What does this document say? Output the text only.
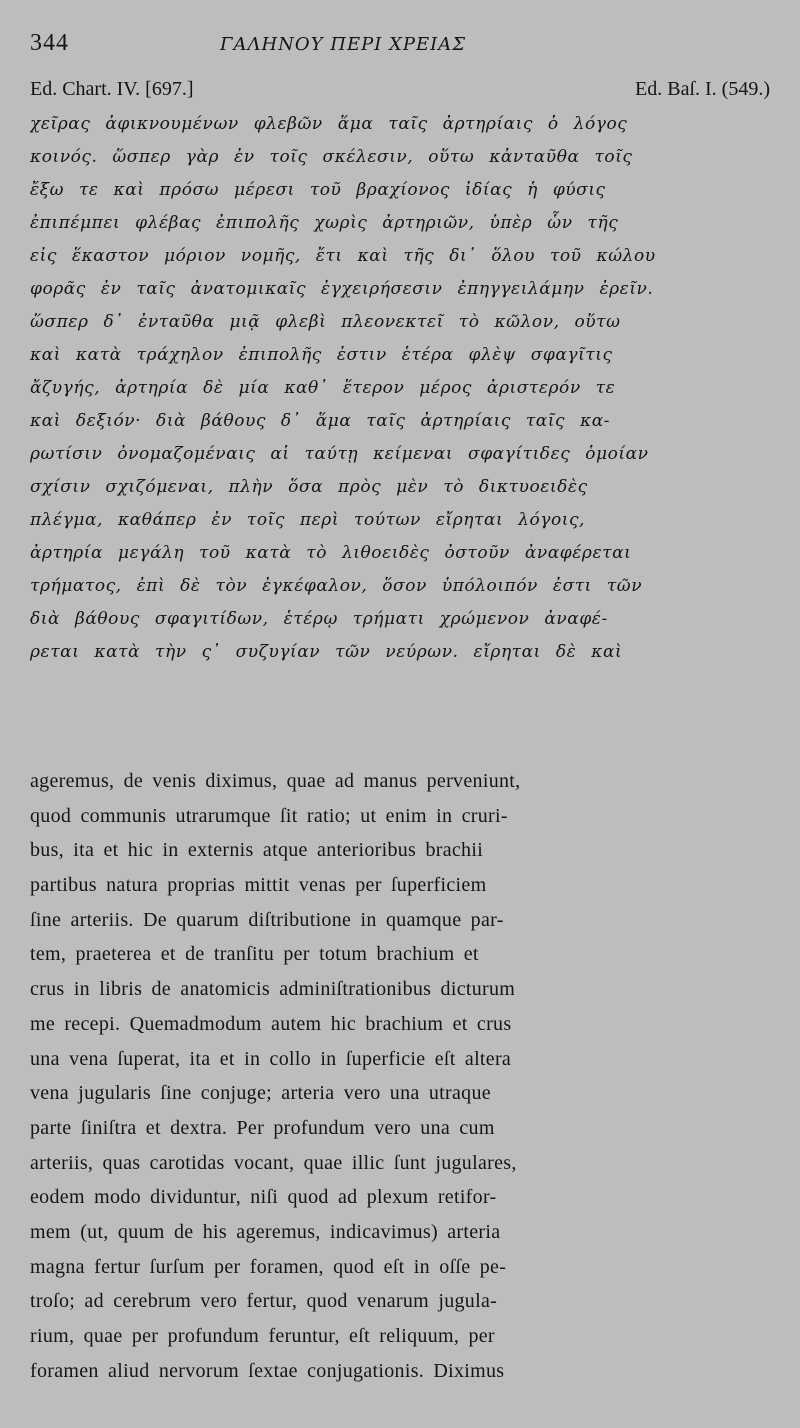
344	ΓΑΛΗΝΟΥ ΠΕΡΙ ΧΡΕΙΑΣ
Ed. Chart. IV. [697.]	Ed. Baſ. I. (549.)
χεῖρας ἀφικνουμένων φλεβῶν ἅμα ταῖς ἀρτηρίαις ὁ λόγος
κοινός. ὥσπερ γὰρ ἐν τοῖς σκέλεσιν, οὕτω κἀνταῦθα τοῖς
ἔξω τε καὶ πρόσω μέρεσι τοῦ βραχίονος ἰδίας ἡ φύσις
ἐπιπέμπει φλέβας ἐπιπολῆς χωρὶς ἀρτηριῶν, ὑπὲρ ὧν τῆς
εἰς ἕκαστον μόριον νομῆς, ἔτι καὶ τῆς δι᾽ ὅλου τοῦ κώλου
φορᾶς ἐν ταῖς ἀνατομικαῖς ἐγχειρήσεσιν ἐπηγγειλάμην ἐρεῖν.
ὥσπερ δ᾽ ἐνταῦθα μιᾷ φλεβὶ πλεονεκτεῖ τὸ κῶλον, οὕτω
καὶ κατὰ τράχηλον ἐπιπολῆς ἐστιν ἑτέρα φλὲψ σφαγῖτις
ἄζυγής, ἀρτηρία δὲ μία καθ᾽ ἕτερον μέρος ἀριστερόν τε
καὶ δεξιόν· διὰ βάθους δ᾽ ἅμα ταῖς ἀρτηρίαις ταῖς κα-
ρωτίσιν ὀνομαζομέναις αἱ ταύτῃ κείμεναι σφαγίτιδες ὁμοίαν
σχίσιν σχιζόμεναι, πλὴν ὅσα πρὸς μὲν τὸ δικτυοειδὲς
πλέγμα, καθάπερ ἐν τοῖς περὶ τούτων εἴρηται λόγοις,
ἀρτηρία μεγάλη τοῦ κατὰ τὸ λιθοειδὲς ὀστοῦν ἀναφέρεται
τρήματος, ἐπὶ δὲ τὸν ἐγκέφαλον, ὅσον ὑπόλοιπόν ἐστι τῶν
διὰ βάθους σφαγιτίδων, ἑτέρῳ τρήματι χρώμενον ἀναφέ-
ρεται κατὰ τὴν ς᾽ συζυγίαν τῶν νεύρων. εἴρηται δὲ καὶ
ageremus, de venis diximus, quae ad manus perveniunt,
quod communis utrarumque ſit ratio; ut enim in cruri-
bus, ita et hic in externis atque anterioribus brachii
partibus natura proprias mittit venas per ſuperficiem
ſine arteriis. De quarum diſtributione in quamque par-
tem, praeterea et de tranſitu per totum brachium et
crus in libris de anatomicis adminiſtrationibus dicturum
me recepi. Quemadmodum autem hic brachium et crus
una vena ſuperat, ita et in collo in ſuperficie eſt altera
vena jugularis ſine conjuge; arteria vero una utraque
parte ſiniſtra et dextra. Per profundum vero una cum
arteriis, quas carotidas vocant, quae illic ſunt jugulares,
eodem modo dividuntur, niſi quod ad plexum retifor-
mem (ut, quum de his ageremus, indicavimus) arteria
magna fertur ſurſum per foramen, quod eſt in oſſe pe-
troſo; ad cerebrum vero fertur, quod venarum jugula-
rium, quae per profundum feruntur, eſt reliquum, per
foramen aliud nervorum ſextae conjugationis. Diximus
